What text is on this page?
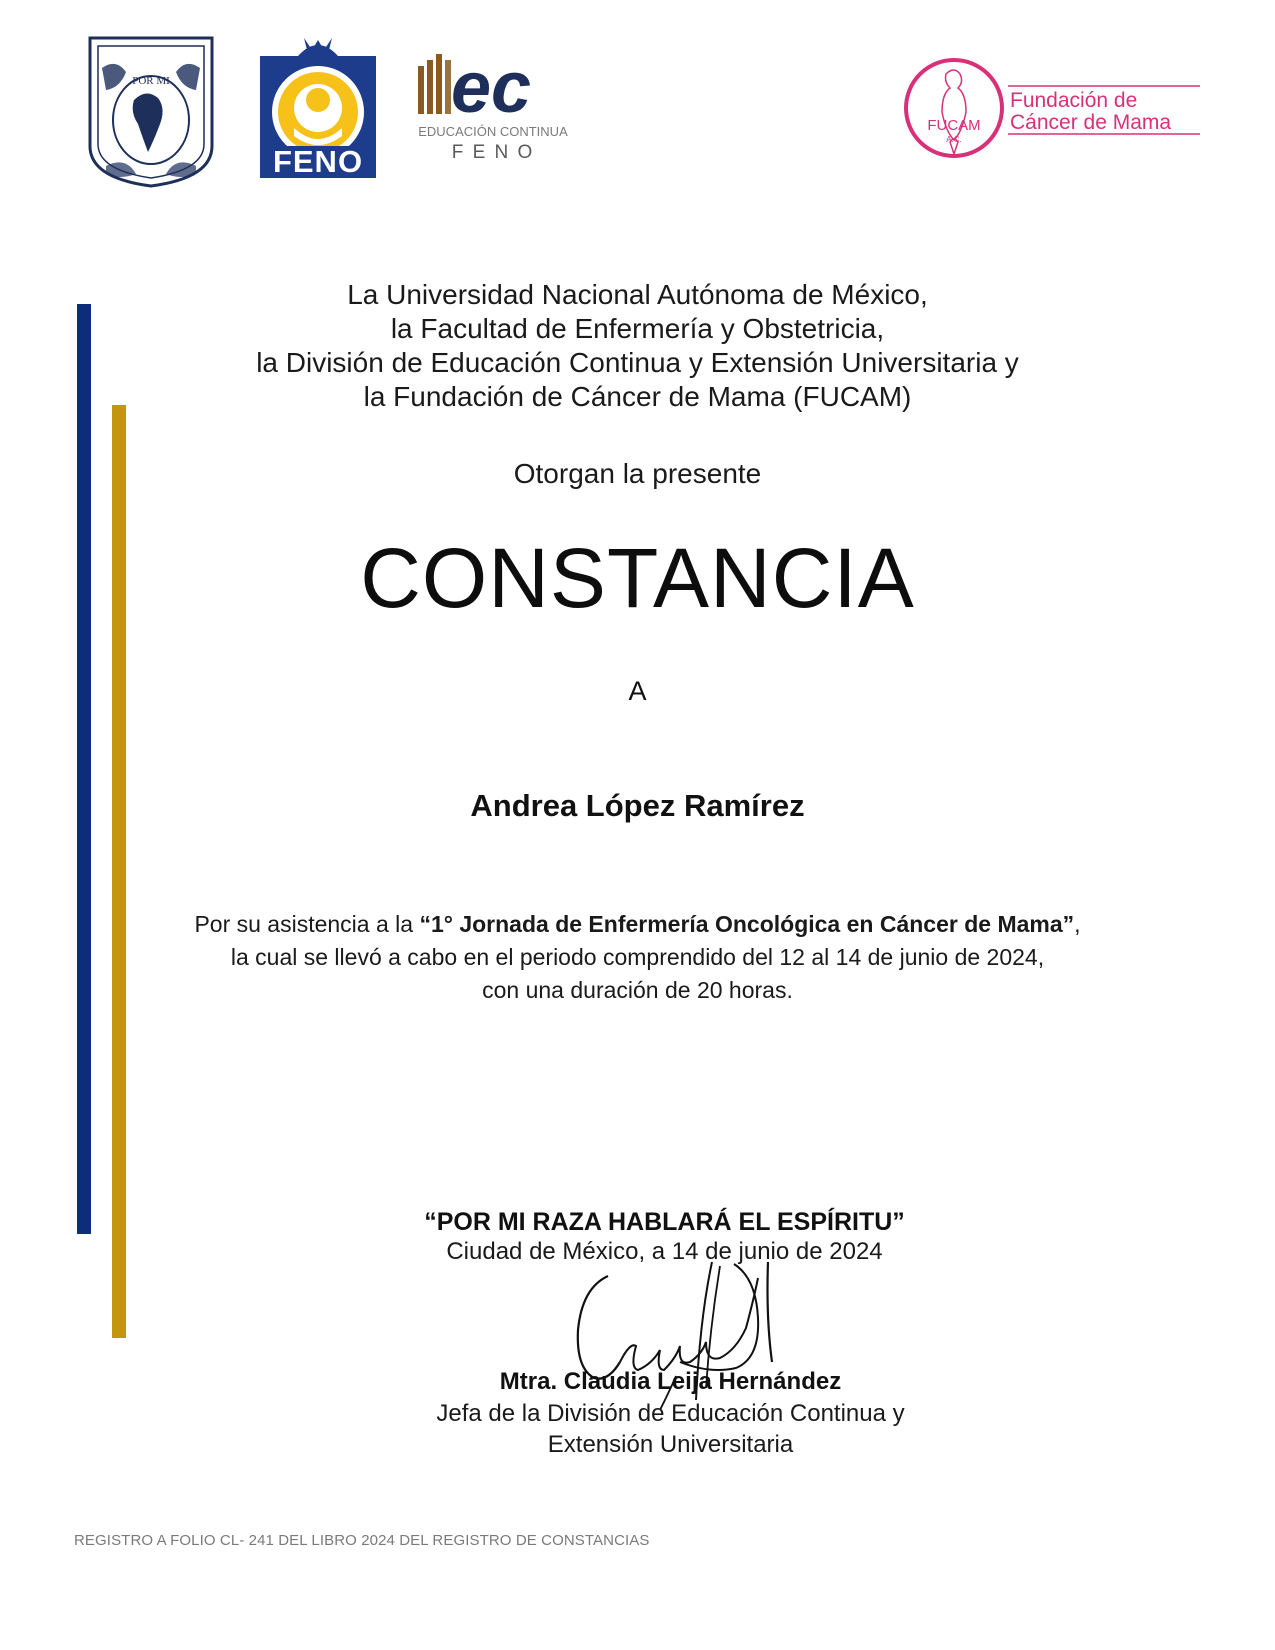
POR MI
FENO
ec
EDUCACIÓN CONTINUA
F E N O
FUCAM
A.C.
Fundación de
Cáncer de Mama
La Universidad Nacional Autónoma de México,
la Facultad de Enfermería y Obstetricia,
la División de Educación Continua y Extensión Universitaria y
la Fundación de Cáncer de Mama (FUCAM)
Otorgan la presente
CONSTANCIA
A
Andrea López Ramírez
Por su asistencia a la “1° Jornada de Enfermería Oncológica en Cáncer de Mama”,
la cual se llevó a cabo en el periodo comprendido del 12 al 14 de junio de 2024,
con una duración de 20 horas.
“POR MI RAZA HABLARÁ EL ESPÍRITU”
Ciudad de México, a 14 de junio de 2024
Mtra. Claudia Leija Hernández
Jefa de la División de Educación Continua y
Extensión Universitaria
REGISTRO A FOLIO CL- 241 DEL LIBRO 2024 DEL REGISTRO DE CONSTANCIAS
